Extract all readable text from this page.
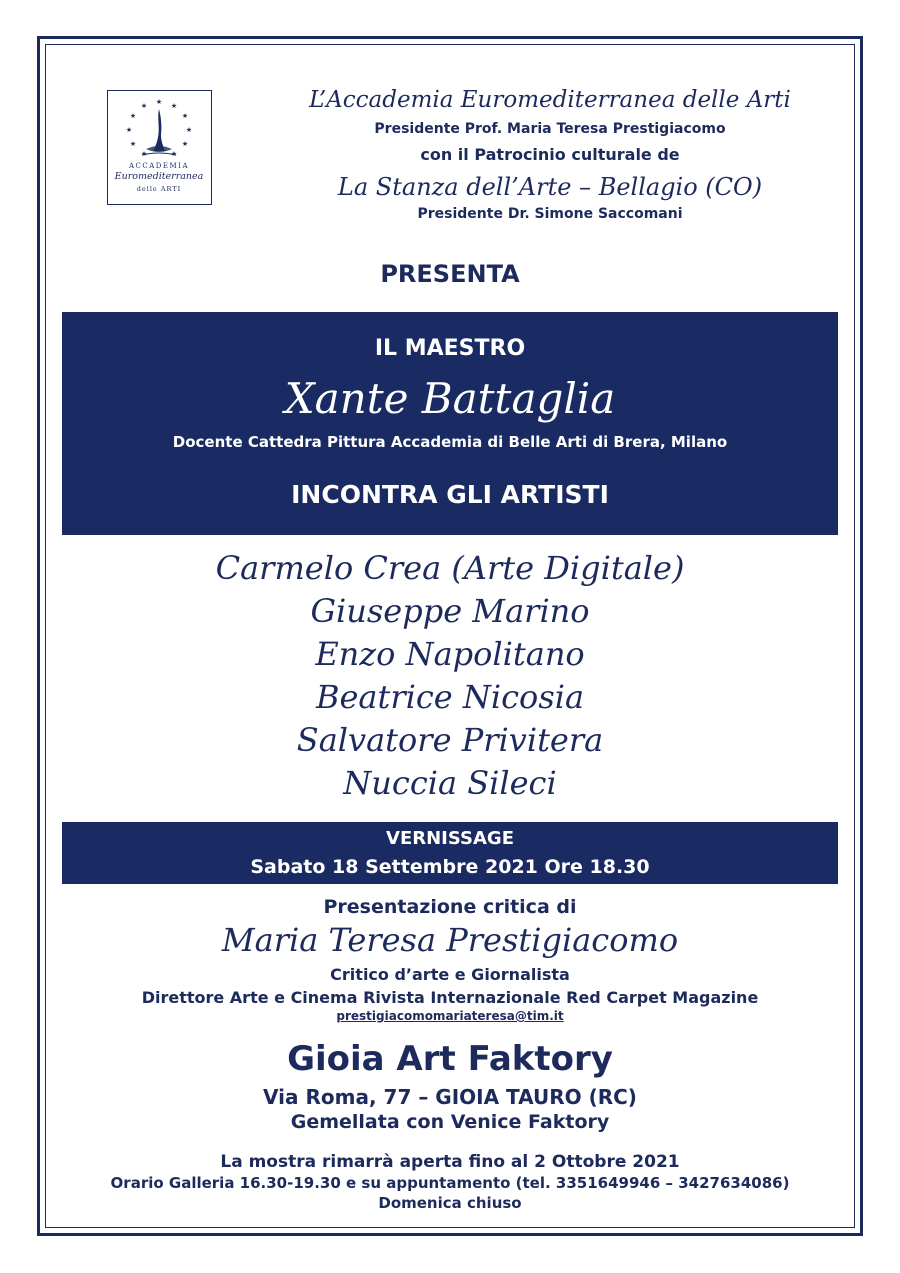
★ ★
★
★
★
★
★
★
★
★
★
ACCADEMIA
Euromediterranea
delle ARTI
L’Accademia Euromediterranea delle Arti
Presidente Prof. Maria Teresa Prestigiacomo
con il Patrocinio culturale de
La Stanza dell’Arte – Bellagio (CO)
Presidente Dr. Simone Saccomani
PRESENTA
IL MAESTRO
Xante Battaglia
Docente Cattedra Pittura Accademia di Belle Arti di Brera, Milano
INCONTRA GLI ARTISTI
Carmelo Crea (Arte Digitale)
Giuseppe Marino
Enzo Napolitano
Beatrice Nicosia
Salvatore Privitera
Nuccia Sileci
VERNISSAGE
Sabato 18 Settembre 2021 Ore 18.30
Presentazione critica di
Maria Teresa Prestigiacomo
Critico d’arte e Giornalista
Direttore Arte e Cinema Rivista Internazionale Red Carpet Magazine
prestigiacomomariateresa@tim.it
Gioia Art Faktory
Via Roma, 77 – GIOIA TAURO (RC)
Gemellata con Venice Faktory
La mostra rimarrà aperta fino al 2 Ottobre 2021
Orario Galleria 16.30-19.30 e su appuntamento (tel. 3351649946 – 3427634086)
Domenica chiuso
